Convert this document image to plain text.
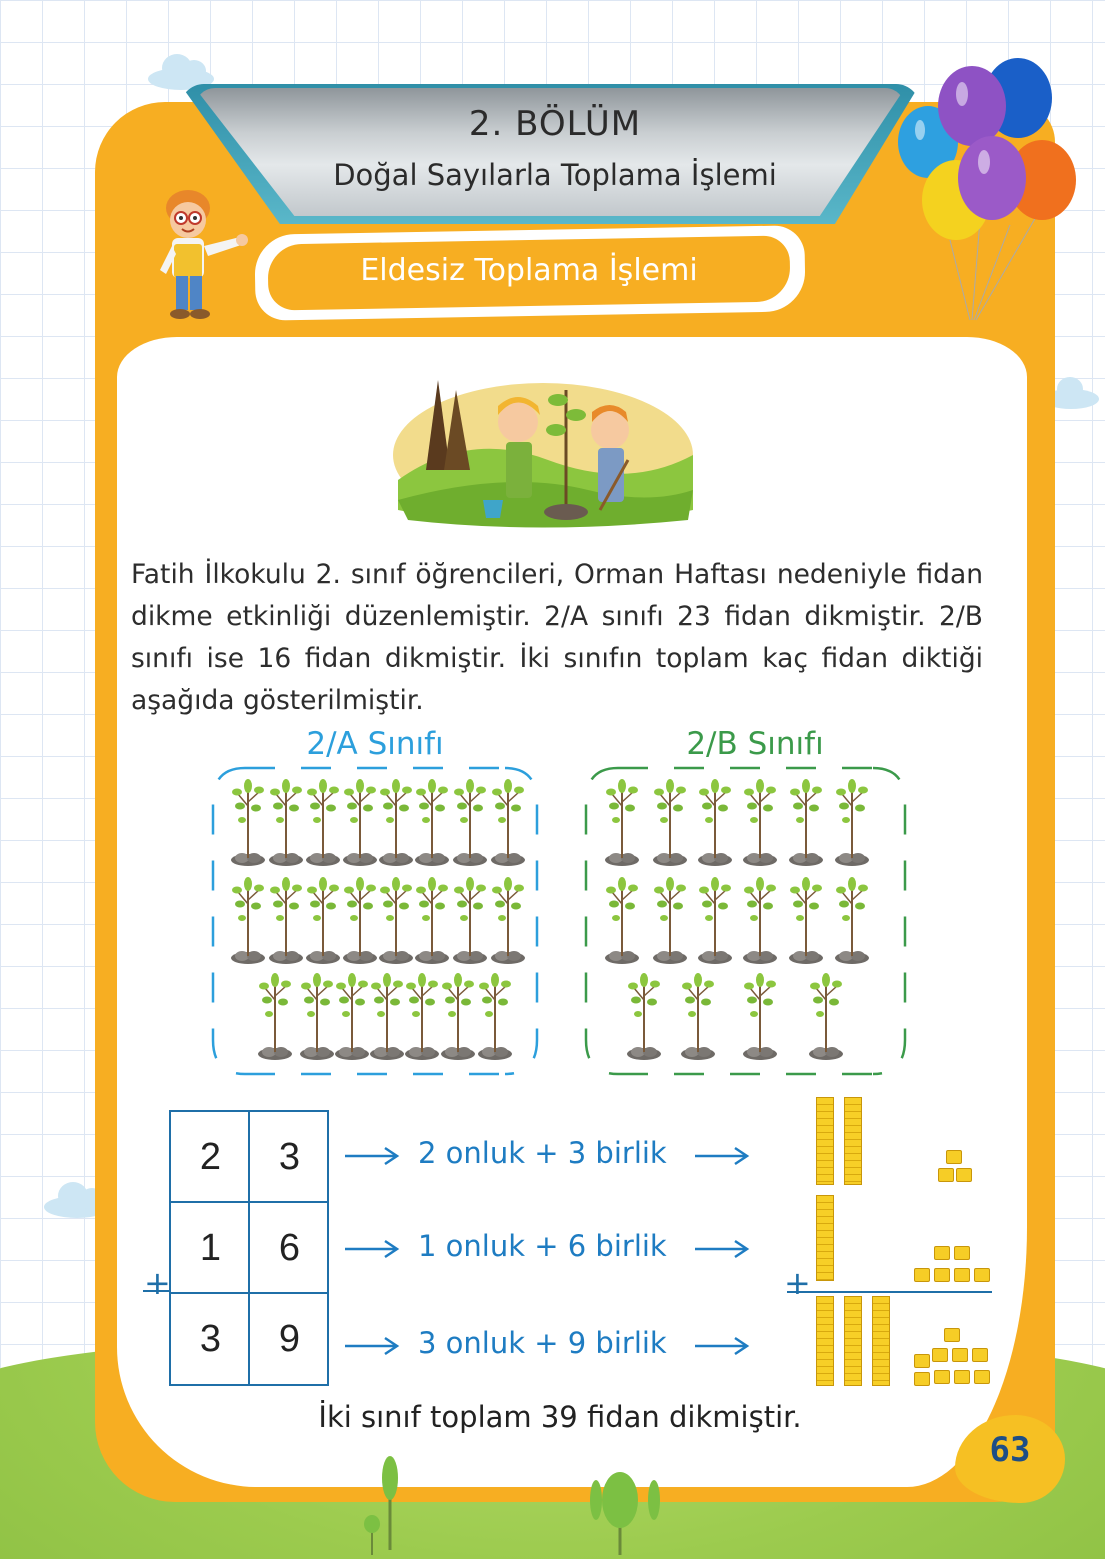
2. BÖLÜM
Doğal Sayılarla Toplama İşlemi
Eldesiz Toplama İşlemi
Fatih İlkokulu 2. sınıf öğrencileri, Orman Haftası nedeniyle fidan dikme etkinliği düzenlemiştir. 2/A sınıfı 23 fidan dikmiştir. 2/B sınıfı ise 16 fidan dikmiştir. İki sınıfın toplam kaç fidan diktiği aşağıda gösterilmiştir.
2/A Sınıfı	2/B Sınıfı
2	3
1	6
3	9
+
2 onluk + 3 birlik
1 onluk + 6 birlik
3 onluk + 9 birlik
+
İki sınıf toplam 39 fidan dikmiştir.
63
